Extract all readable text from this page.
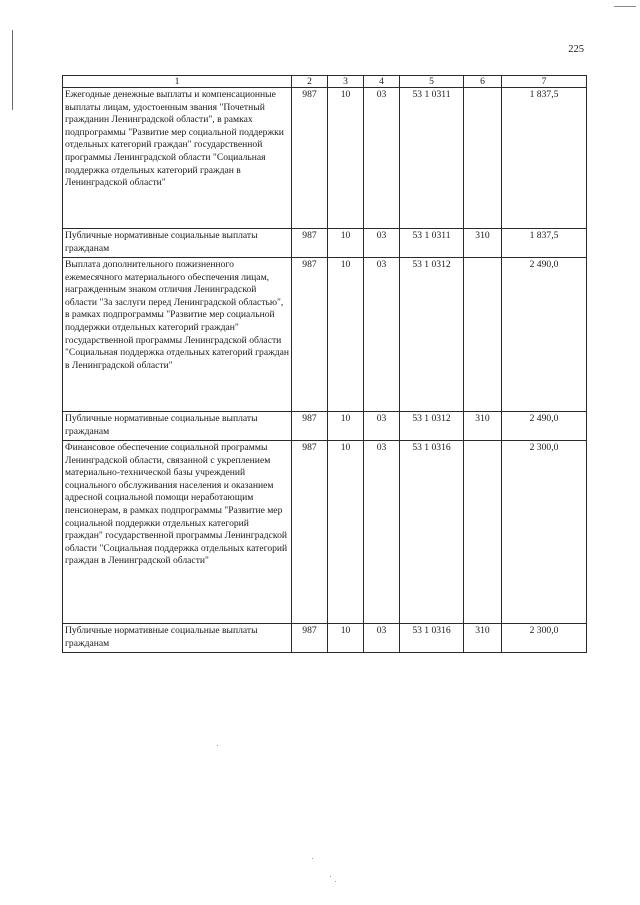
225
1	2	3	4	5	6	7
Ежегодные денежные выплаты и компенсационные выплаты лицам, удостоенным звания "Почетный гражданин Ленинградской области", в рамках подпрограммы "Развитие мер социальной поддержки отдельных категорий граждан" государственной программы Ленинградской области "Социальная поддержка отдельных категорий граждан в Ленинградской области"	987	10	03	53 1 0311		1 837,5
Публичные нормативные социальные выплаты гражданам	987	10	03	53 1 0311	310	1 837,5
Выплата дополнительного пожизненного ежемесячного материального обеспечения лицам, награжденным знаком отличия Ленинградской области "За заслуги перед Ленинградской областью", в рамках подпрограммы "Развитие мер социальной поддержки отдельных категорий граждан" государственной программы Ленинградской области "Социальная поддержка отдельных категорий граждан в Ленинградской области"	987	10	03	53 1 0312		2 490,0
Публичные нормативные социальные выплаты гражданам	987	10	03	53 1 0312	310	2 490,0
Финансовое обеспечение социальной программы Ленинградской области, связанной с укреплением материально-технической базы учреждений социального обслуживания населения и оказанием адресной социальной помощи неработающим пенсионерам, в рамках подпрограммы "Развитие мер социальной поддержки отдельных категорий граждан" государственной программы Ленинградской области "Социальная поддержка отдельных категорий граждан в Ленинградской области"	987	10	03	53 1 0316		2 300,0
Публичные нормативные социальные выплаты гражданам	987	10	03	53 1 0316	310	2 300,0
